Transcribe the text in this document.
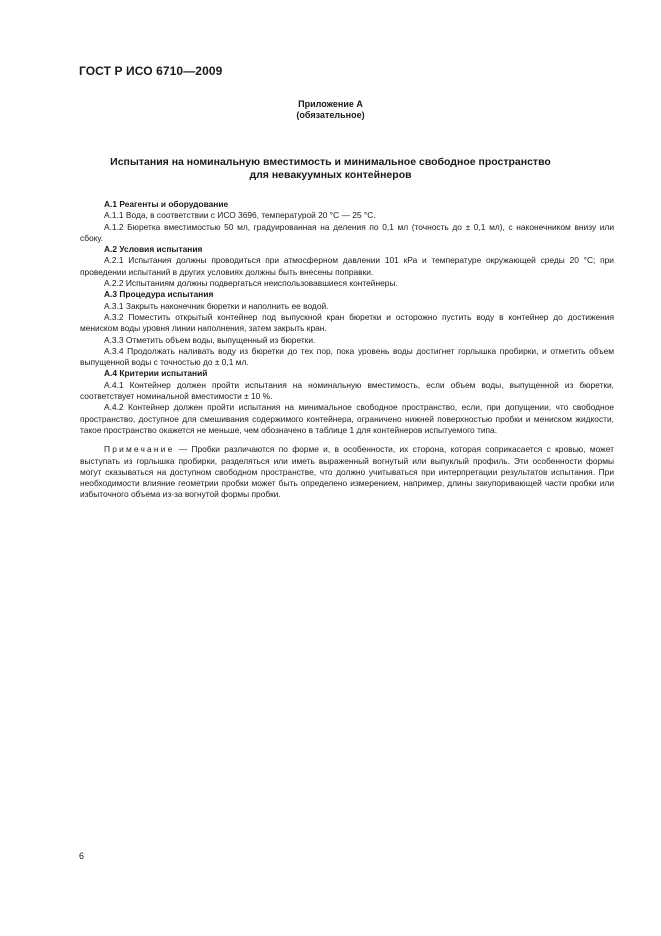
ГОСТ Р ИСО 6710—2009
Приложение А
(обязательное)
Испытания на номинальную вместимость и минимальное свободное пространство
для невакуумных контейнеров

А.1 Реагенты и оборудование

А.1.1 Вода, в соответствии с ИСО 3696, температурой 20 °С — 25 °С.

А.1.2 Бюретка вместимостью 50 мл, градуированная на деления по 0,1 мл (точность до ± 0,1 мл), с наконечником внизу или сбоку.

А.2 Условия испытания

А.2.1 Испытания должны проводиться при атмосферном давлении 101 кРа и температуре окружающей среды 20 °С; при проведении испытаний в других условиях должны быть внесены поправки.

А.2.2 Испытаниям должны подвергаться неиспользовавшиеся контейнеры.

А.3 Процедура испытания

А.3.1 Закрыть наконечник бюретки и наполнить ее водой.

А.3.2 Поместить открытый контейнер под выпускной кран бюретки и осторожно пустить воду в контейнер до достижения мениском воды уровня линии наполнения, затем закрыть кран.

А.3.3 Отметить объем воды, выпущенный из бюретки.

А.3.4 Продолжать наливать воду из бюретки до тех пор, пока уровень воды достигнет горлышка пробирки, и отметить объем выпущенной воды с точностью до ± 0,1 мл.

А.4 Критерии испытаний

А.4.1 Контейнер должен пройти испытания на номинальную вместимость, если объем воды, выпущенной из бюретки, соответствует номинальной вместимости ± 10 %.

А.4.2 Контейнер должен пройти испытания на минимальное свободное пространство, если, при допущении, что свободное пространство, доступное для смешивания содержимого контейнера, ограничено нижней поверхностью пробки и мениском жидкости, такое пространство окажется не меньше, чем обозначено в таблице 1 для контейнеров испытуемого типа.

Примечание — Пробки различаются по форме и, в особенности, их сторона, которая соприкасается с кровью, может выступать из горлышка пробирки, разделяться или иметь выраженный вогнутый или выпуклый профиль. Эти особенности формы могут сказываться на доступном свободном пространстве, что должно учитываться при интерпретации результатов испытания. При необходимости влияние геометрии пробки может быть определено измерением, например, длины закупоривающей части пробки или избыточного объема из-за вогнутой формы пробки.

6
